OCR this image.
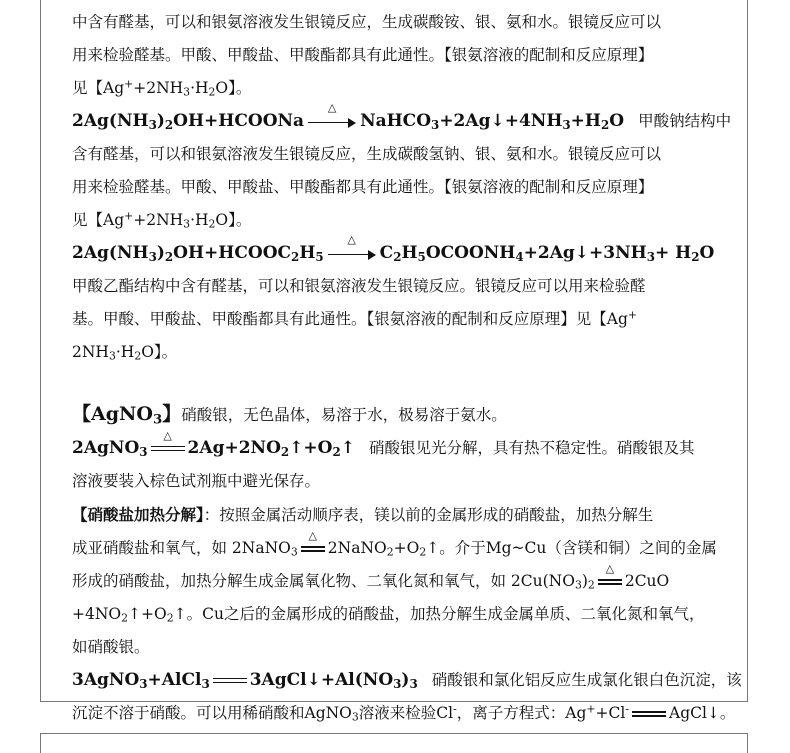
中含有醛基，可以和银氨溶液发生银镜反应，生成碳酸铵、银、氨和水。银镜反应可以

用来检验醛基。甲酸、甲酸盐、甲酸酯都具有此通性。【银氨溶液的配制和反应原理】

见【$Ag^++2NH_3\cdot H_2O$】。

$2Ag(NH_3)_2OH+HCOONa$
△
$NaHCO_3+2Ag↓+4NH_3+H_2O$ 甲酸钠结构中

含有醛基，可以和银氨溶液发生银镜反应，生成碳酸氢钠、银、氨和水。银镜反应可以

用来检验醛基。甲酸、甲酸盐、甲酸酯都具有此通性。【银氨溶液的配制和反应原理】

见【$Ag^++2NH_3\cdot H_2O$】。

$2Ag(NH_3)_2OH+HCOOC_2H_5$
△
$C_2H_5OCOONH_4+2Ag↓+3NH_3+ H_2O$

甲酸乙酯结构中含有醛基，可以和银氨溶液发生银镜反应。银镜反应可以用来检验醛

基。甲酸、甲酸盐、甲酸酯都具有此通性。【银氨溶液的配制和反应原理】见【Ag+

$2NH_3\cdot H_2O$】。

【AgNO$_3$】硝酸银，无色晶体，易溶于水，极易溶于氨水。

2AgNO$_3$
△
$2Ag+2NO_2↑+O_2↑$ 硝酸银见光分解，具有热不稳定性。硝酸银及其

溶液要装入棕色试剂瓶中避光保存。

【硝酸盐加热分解】：按照金属活动顺序表，镁以前的金属形成的硝酸盐，加热分解生

成亚硝酸盐和氧气，如 2NaNO$_3$
△
$2NaNO_2+O_2↑$。介于Mg~Cu（含镁和铜）之间的金属

形成的硝酸盐，加热分解生成金属氧化物、二氧化氮和氧气，如 $2Cu(NO_3)_2$
△
2CuO

$+4NO_2↑+O_2↑$。Cu之后的金属形成的硝酸盐，加热分解生成金属单质、二氧化氮和氧气，

如硝酸银。

3AgNO$_3$+AlCl$_3$ $3AgCl↓+Al(NO_3)_3$ 硝酸银和氯化铝反应生成氯化银白色沉淀，该

沉淀不溶于硝酸。可以用稀硝酸和AgNO$_3$溶液来检验Cl-，离子方程式：Ag++Cl-	AgCl↓。
